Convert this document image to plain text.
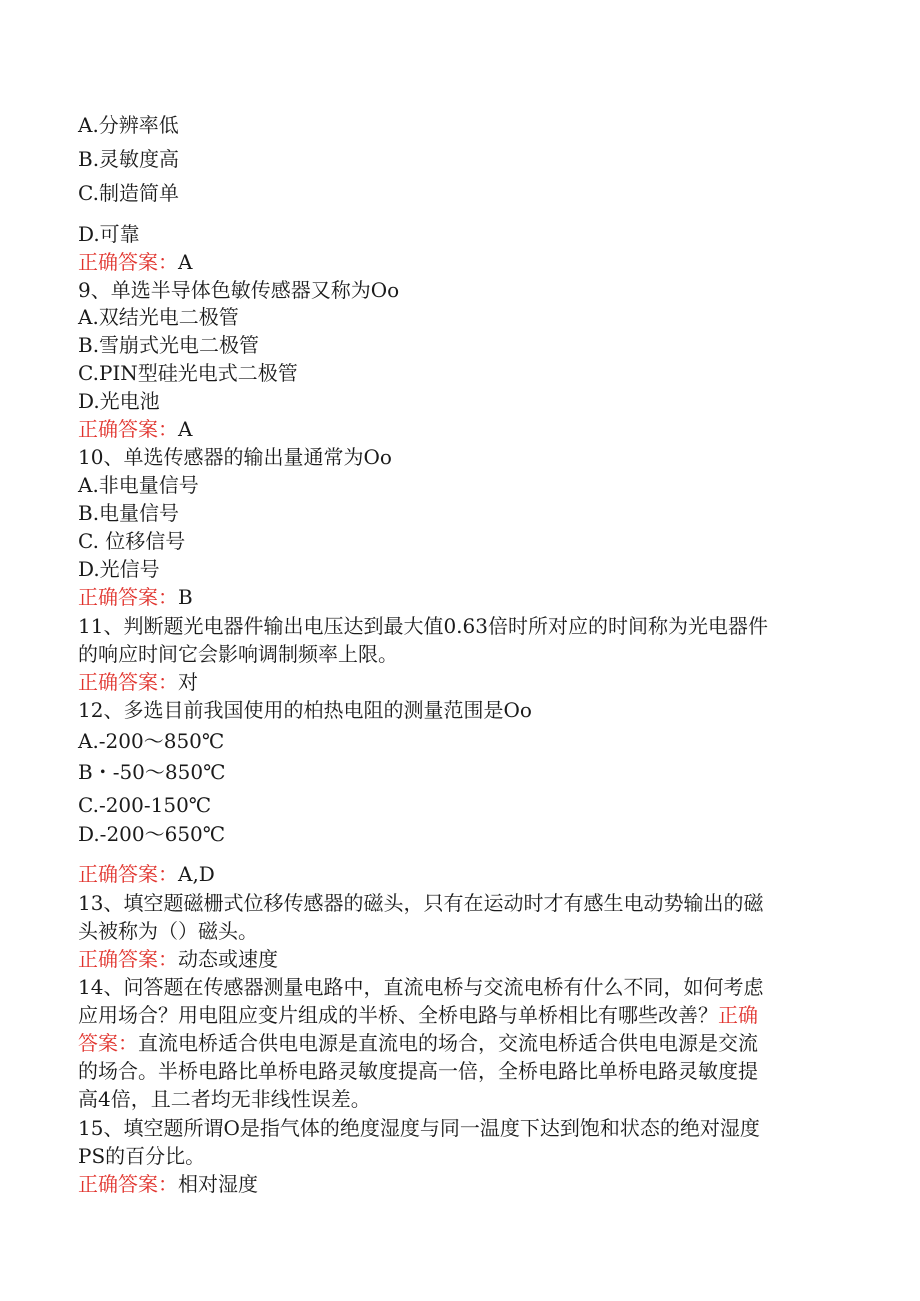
A.分辨率低
B.灵敏度高
C.制造简单
D.可靠
正确答案：A
9、单选半导体色敏传感器又称为Oo
A.双结光电二极管
B.雪崩式光电二极管
C.PIN型硅光电式二极管
D.光电池
正确答案：A
10、单选传感器的输出量通常为Oo
A.非电量信号
B.电量信号
C. 位移信号
D.光信号
正确答案：B
11、判断题光电器件输出电压达到最大值0.63倍时所对应的时间称为光电器件
的响应时间它会影响调制频率上限。
正确答案：对
12、多选目前我国使用的柏热电阻的测量范围是Oo
A.-200～850℃
B・-50～850℃
C.-200-150℃
D.-200～650℃
正确答案：A,D
13、填空题磁栅式位移传感器的磁头，只有在运动时才有感生电动势输出的磁
头被称为（）磁头。
正确答案：动态或速度
14、问答题在传感器测量电路中，直流电桥与交流电桥有什么不同，如何考虑
应用场合？用电阻应变片组成的半桥、全桥电路与单桥相比有哪些改善？正确
答案：直流电桥适合供电电源是直流电的场合，交流电桥适合供电电源是交流
的场合。半桥电路比单桥电路灵敏度提高一倍，全桥电路比单桥电路灵敏度提
高4倍，且二者均无非线性误差。
15、填空题所谓O是指气体的绝度湿度与同一温度下达到饱和状态的绝对湿度
PS的百分比。
正确答案：相对湿度
